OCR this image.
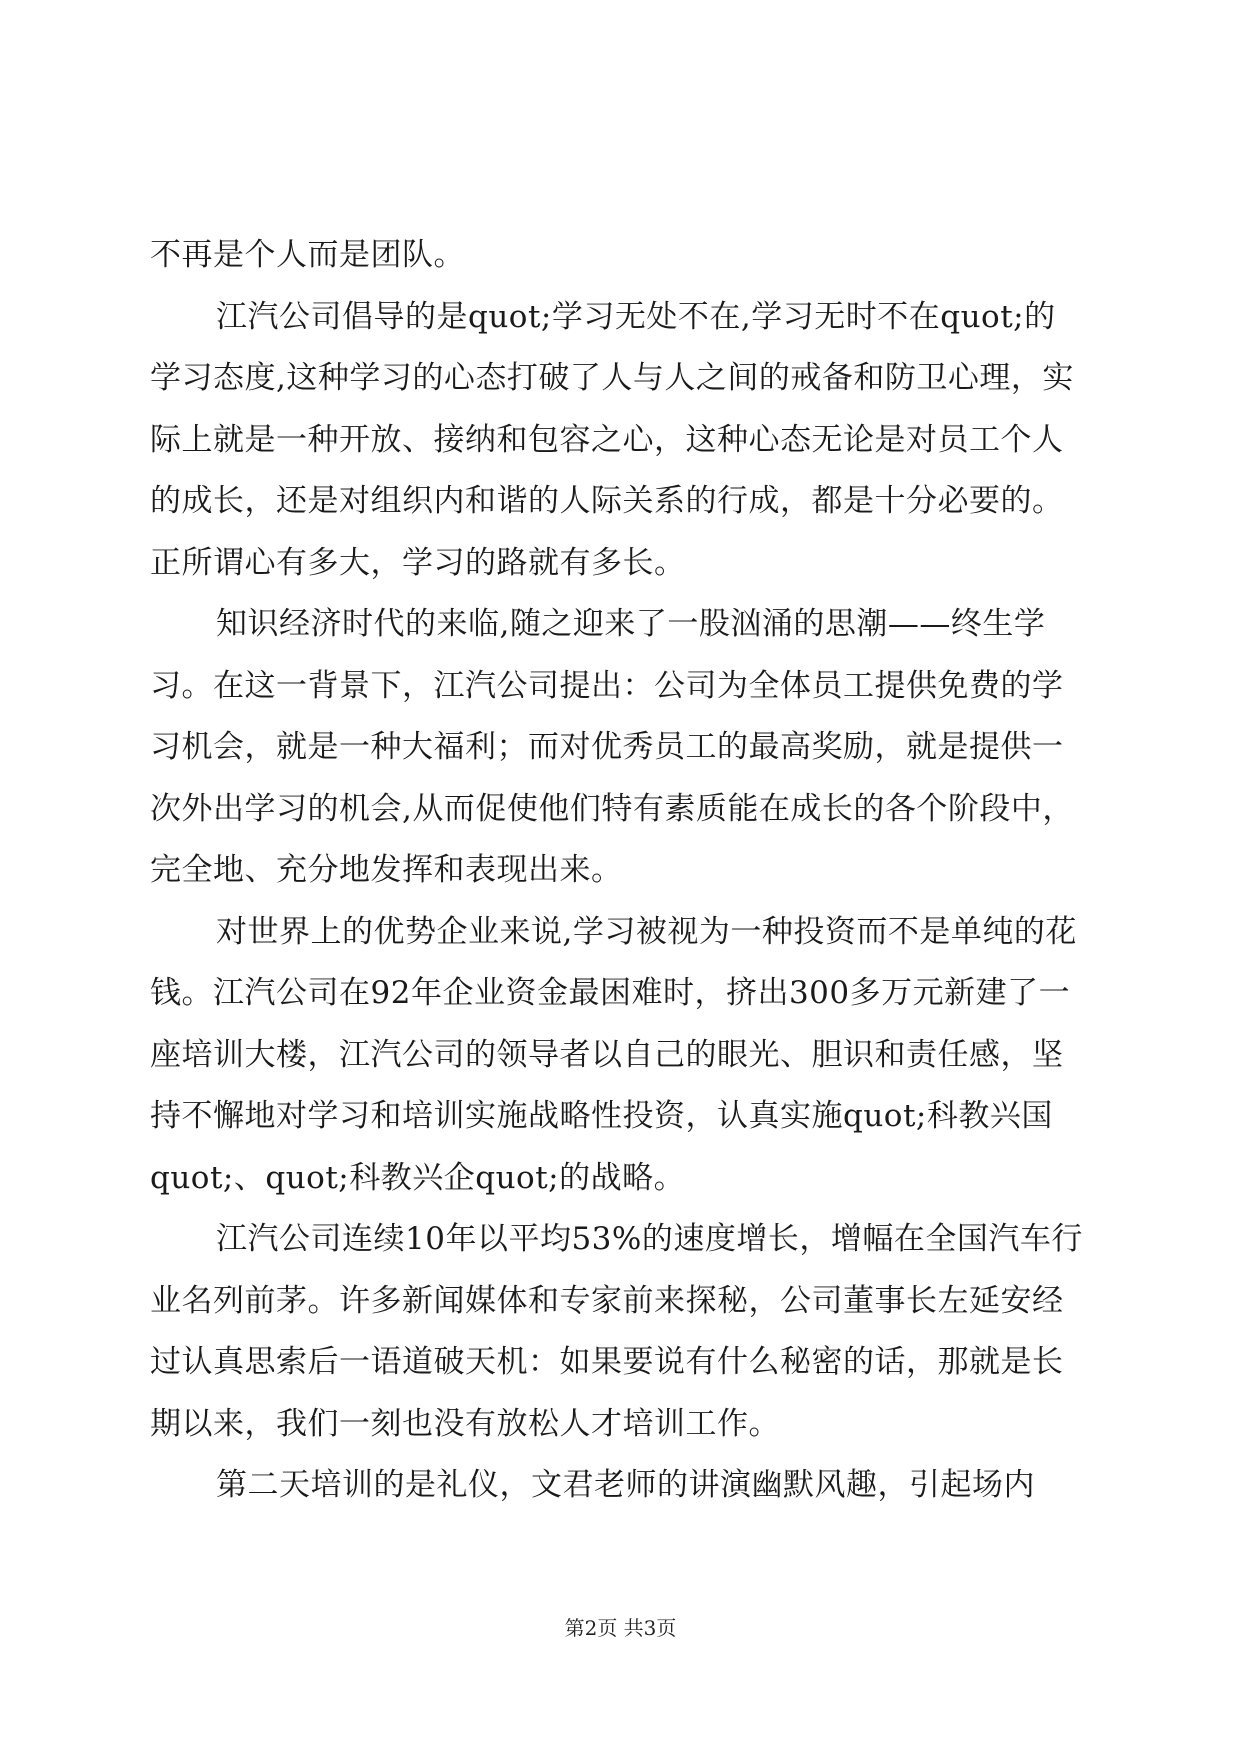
不再是个人而是团队。

江汽公司倡导的是quot;学习无处不在,学习无时不在quot;的学习态度,这种学习的心态打破了人与人之间的戒备和防卫心理，实际上就是一种开放、接纳和包容之心，这种心态无论是对员工个人的成长，还是对组织内和谐的人际关系的行成，都是十分必要的。正所谓心有多大，学习的路就有多长。

知识经济时代的来临,随之迎来了一股汹涌的思潮——终生学习。在这一背景下，江汽公司提出：公司为全体员工提供免费的学习机会，就是一种大福利；而对优秀员工的最高奖励，就是提供一次外出学习的机会,从而促使他们特有素质能在成长的各个阶段中，完全地、充分地发挥和表现出来。

对世界上的优势企业来说,学习被视为一种投资而不是单纯的花钱。江汽公司在92年企业资金最困难时，挤出300多万元新建了一座培训大楼，江汽公司的领导者以自己的眼光、胆识和责任感，坚持不懈地对学习和培训实施战略性投资，认真实施quot;科教兴国quot;、quot;科教兴企quot;的战略。

江汽公司连续10年以平均53%的速度增长，增幅在全国汽车行业名列前茅。许多新闻媒体和专家前来探秘，公司董事长左延安经过认真思索后一语道破天机：如果要说有什么秘密的话，那就是长期以来，我们一刻也没有放松人才培训工作。

第二天培训的是礼仪，文君老师的讲演幽默风趣，引起场内

第2页 共3页
